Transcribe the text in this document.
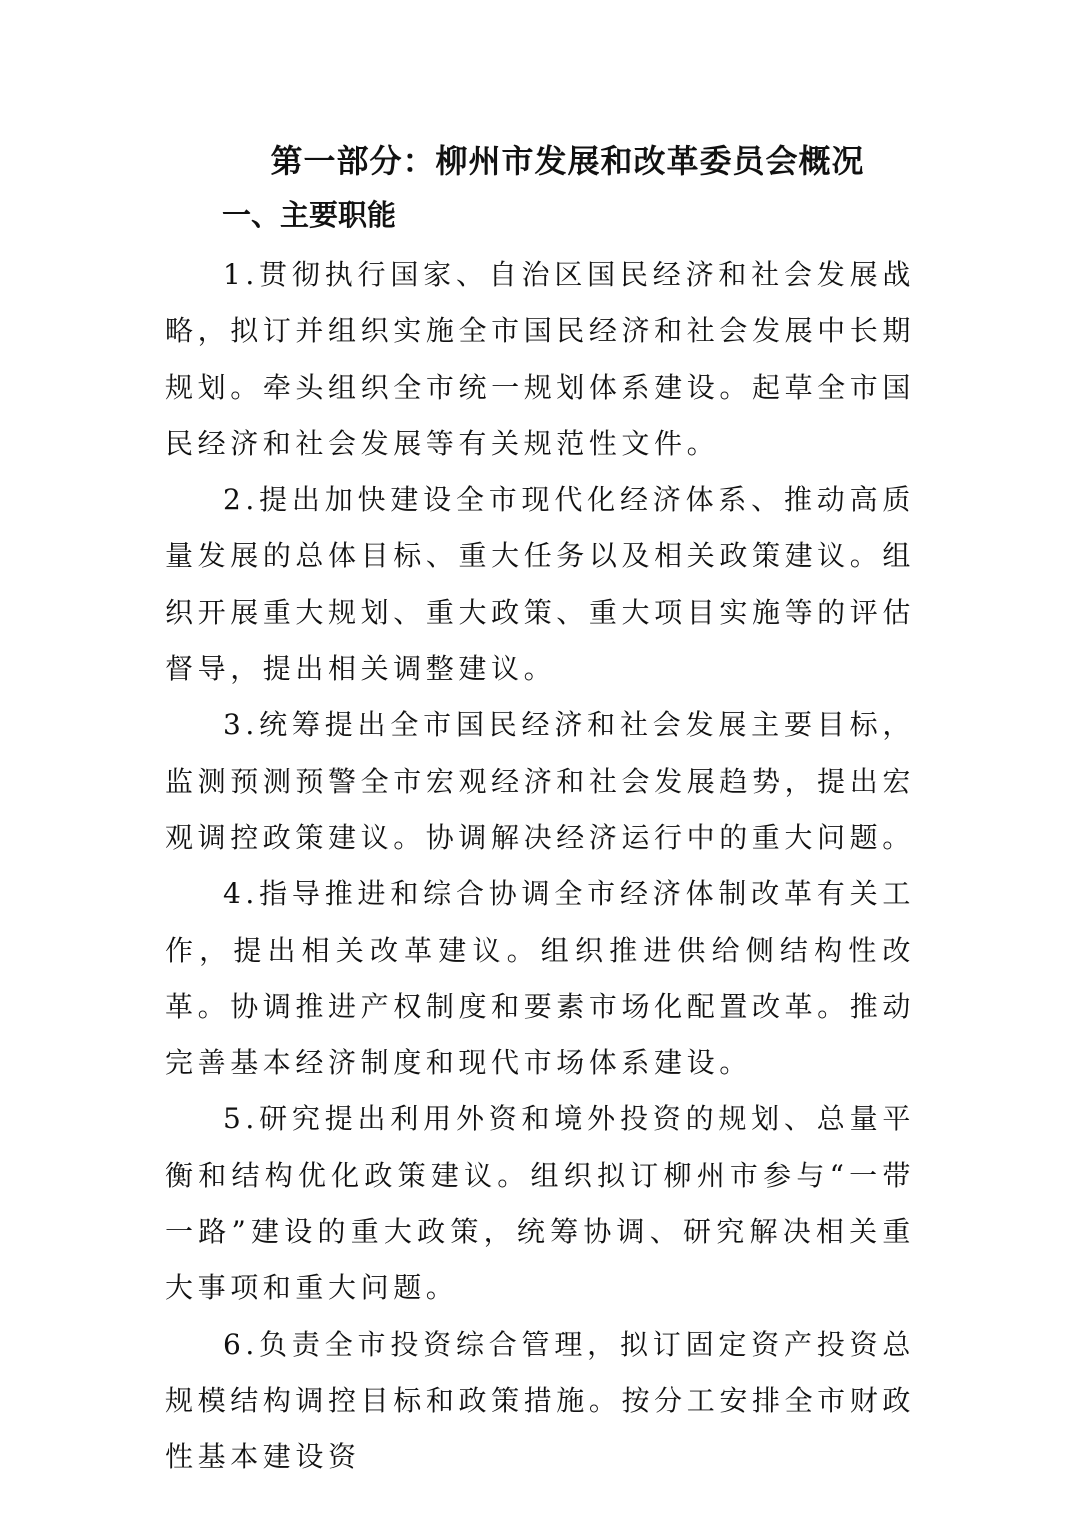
第一部分：柳州市发展和改革委员会概况
一、主要职能

1.贯彻执行国家、自治区国民经济和社会发展战略，拟订并组织实施全市国民经济和社会发展中长期规划。牵头组织全市统一规划体系建设。起草全市国民经济和社会发展等有关规范性文件。

2.提出加快建设全市现代化经济体系、推动高质量发展的总体目标、重大任务以及相关政策建议。组织开展重大规划、重大政策、重大项目实施等的评估督导，提出相关调整建议。

3.统筹提出全市国民经济和社会发展主要目标，监测预测预警全市宏观经济和社会发展趋势，提出宏观调控政策建议。协调解决经济运行中的重大问题。

4.指导推进和综合协调全市经济体制改革有关工作，提出相关改革建议。组织推进供给侧结构性改革。协调推进产权制度和要素市场化配置改革。推动完善基本经济制度和现代市场体系建设。

5.研究提出利用外资和境外投资的规划、总量平衡和结构优化政策建议。组织拟订柳州市参与“一带一路”建设的重大政策，统筹协调、研究解决相关重大事项和重大问题。

6.负责全市投资综合管理，拟订固定资产投资总规模结构调控目标和政策措施。按分工安排全市财政性基本建设资
